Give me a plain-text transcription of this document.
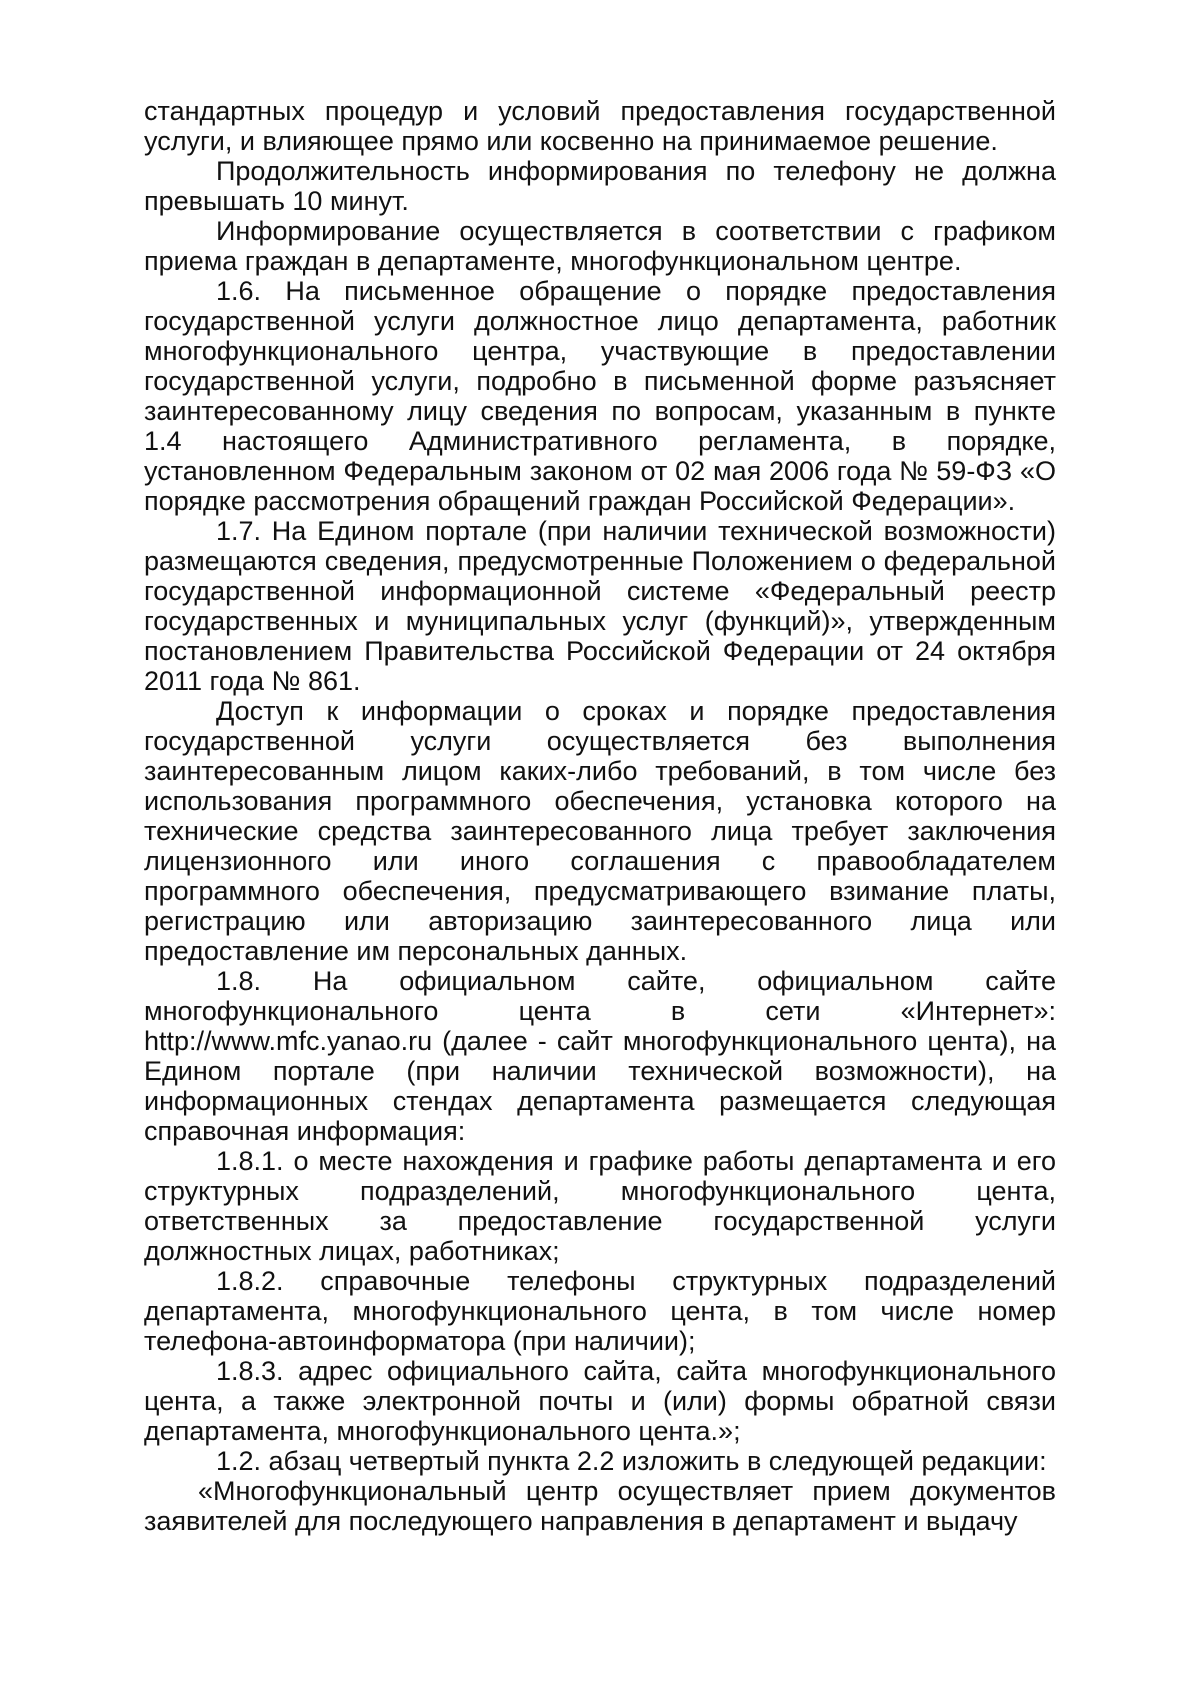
стандартных процедур и условий предоставления государственной услуги, и влияющее прямо или косвенно на принимаемое решение.

Продолжительность информирования по телефону не должна превышать 10 минут.

Информирование осуществляется в соответствии с графиком приема граждан в департаменте, многофункциональном центре.

1.6. На письменное обращение о порядке предоставления государственной услуги должностное лицо департамента, работник многофункционального центра, участвующие в предоставлении государственной услуги, подробно в письменной форме разъясняет заинтересованному лицу сведения по вопросам, указанным в пункте 1.4 настоящего Административного регламента, в порядке, установленном Федеральным законом от 02 мая 2006 года № 59-ФЗ «О порядке рассмотрения обращений граждан Российской Федерации».

1.7. На Едином портале (при наличии технической возможности) размещаются сведения, предусмотренные Положением о федеральной государственной информационной системе «Федеральный реестр государственных и муниципальных услуг (функций)», утвержденным постановлением Правительства Российской Федерации от 24 октября 2011 года № 861.

Доступ к информации о сроках и порядке предоставления государственной услуги осуществляется без выполнения заинтересованным лицом каких-либо требований, в том числе без использования программного обеспечения, установка которого на технические средства заинтересованного лица требует заключения лицензионного или иного соглашения с правообладателем программного обеспечения, предусматривающего взимание платы, регистрацию или авторизацию заинтересованного лица или предоставление им персональных данных.

1.8. На официальном сайте, официальном сайте многофункционального цента в сети «Интернет»: http://www.mfc.yanao.ru (далее - сайт многофункционального цента), на Едином портале (при наличии технической возможности), на информационных стендах департамента размещается следующая справочная информация:

1.8.1. о месте нахождения и графике работы департамента и его структурных подразделений, многофункционального цента, ответственных за предоставление государственной услуги должностных лицах, работниках;

1.8.2. справочные телефоны структурных подразделений департамента, многофункционального цента, в том числе номер телефона-автоинформатора (при наличии);

1.8.3. адрес официального сайта, сайта многофункционального цента, а также электронной почты и (или) формы обратной связи департамента, многофункционального цента.»;

1.2. абзац четвертый пункта 2.2 изложить в следующей редакции:

«Многофункциональный центр осуществляет прием документов заявителей для последующего направления в департамент и выдачу
